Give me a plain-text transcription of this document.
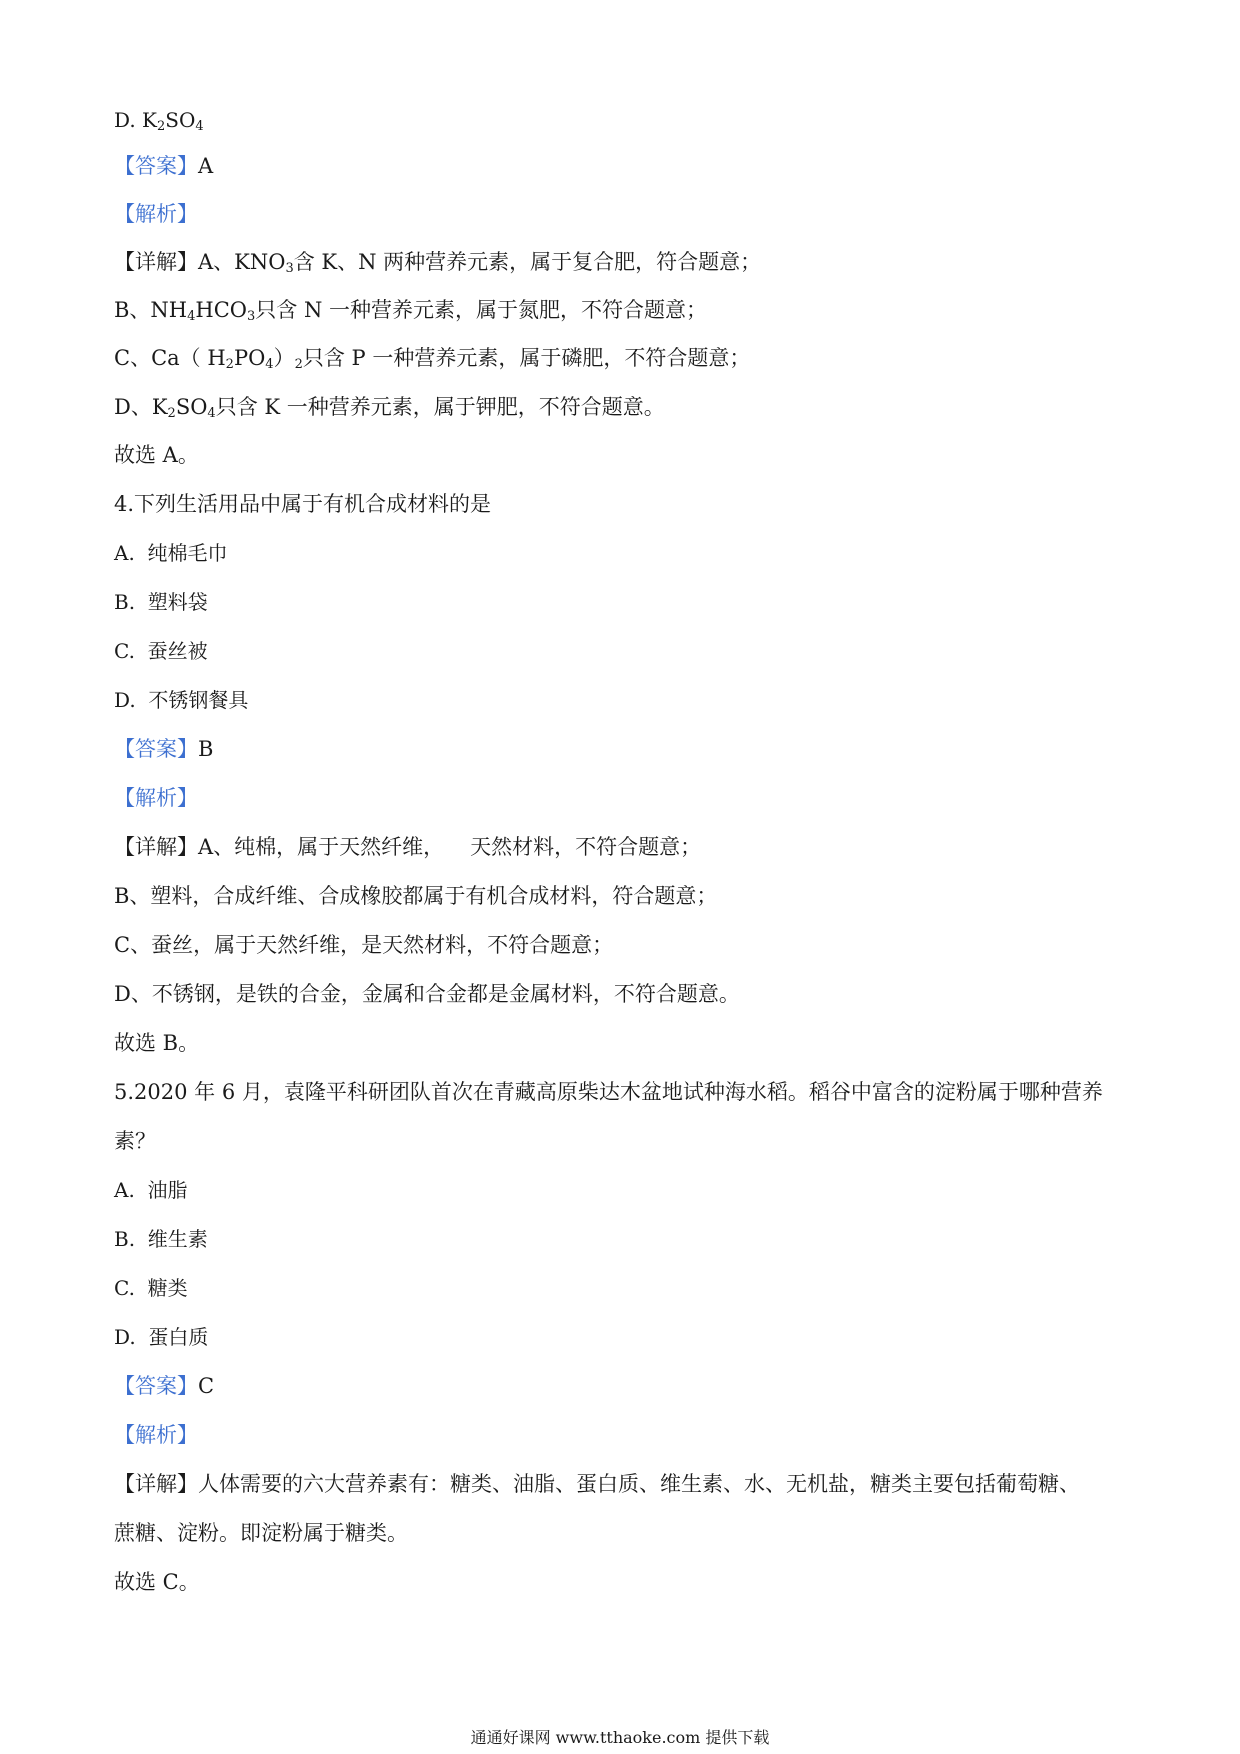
D. $K_2SO_4$
【答案】A
【解析】
【详解】A、$KNO_3$含 K、N 两种营养元素，属于复合肥，符合题意；
B、$NH_4HCO_3$只含 N 一种营养元素，属于氮肥，不符合题意；
C、Ca（ $H_2PO_4)_2$只含 P 一种营养元素，属于磷肥，不符合题意；
D、$K_2SO_4$只含 K 一种营养元素，属于钾肥，不符合题意。
故选 A。
4.下列生活用品中属于有机合成材料的是
A. 纯棉毛巾
B. 塑料袋
C. 蚕丝被
D. 不锈钢餐具
【答案】B
【解析】
【详解】A、纯棉，属于天然纤维， 天然材料，不符合题意；
B、塑料，合成纤维、合成橡胶都属于有机合成材料，符合题意；
C、蚕丝，属于天然纤维，是天然材料，不符合题意；
D、不锈钢，是铁的合金，金属和合金都是金属材料，不符合题意。
故选 B。
5.2020 年 6 月，袁隆平科研团队首次在青藏高原柴达木盆地试种海水稻。稻谷中富含的淀粉属于哪种营养
素？
A. 油脂
B. 维生素
C. 糖类
D. 蛋白质
【答案】C
【解析】
【详解】人体需要的六大营养素有：糖类、油脂、蛋白质、维生素、水、无机盐，糖类主要包括葡萄糖、
蔗糖、淀粉。即淀粉属于糖类。
故选 C。
通通好课网 www.tthaoke.com 提供下载
